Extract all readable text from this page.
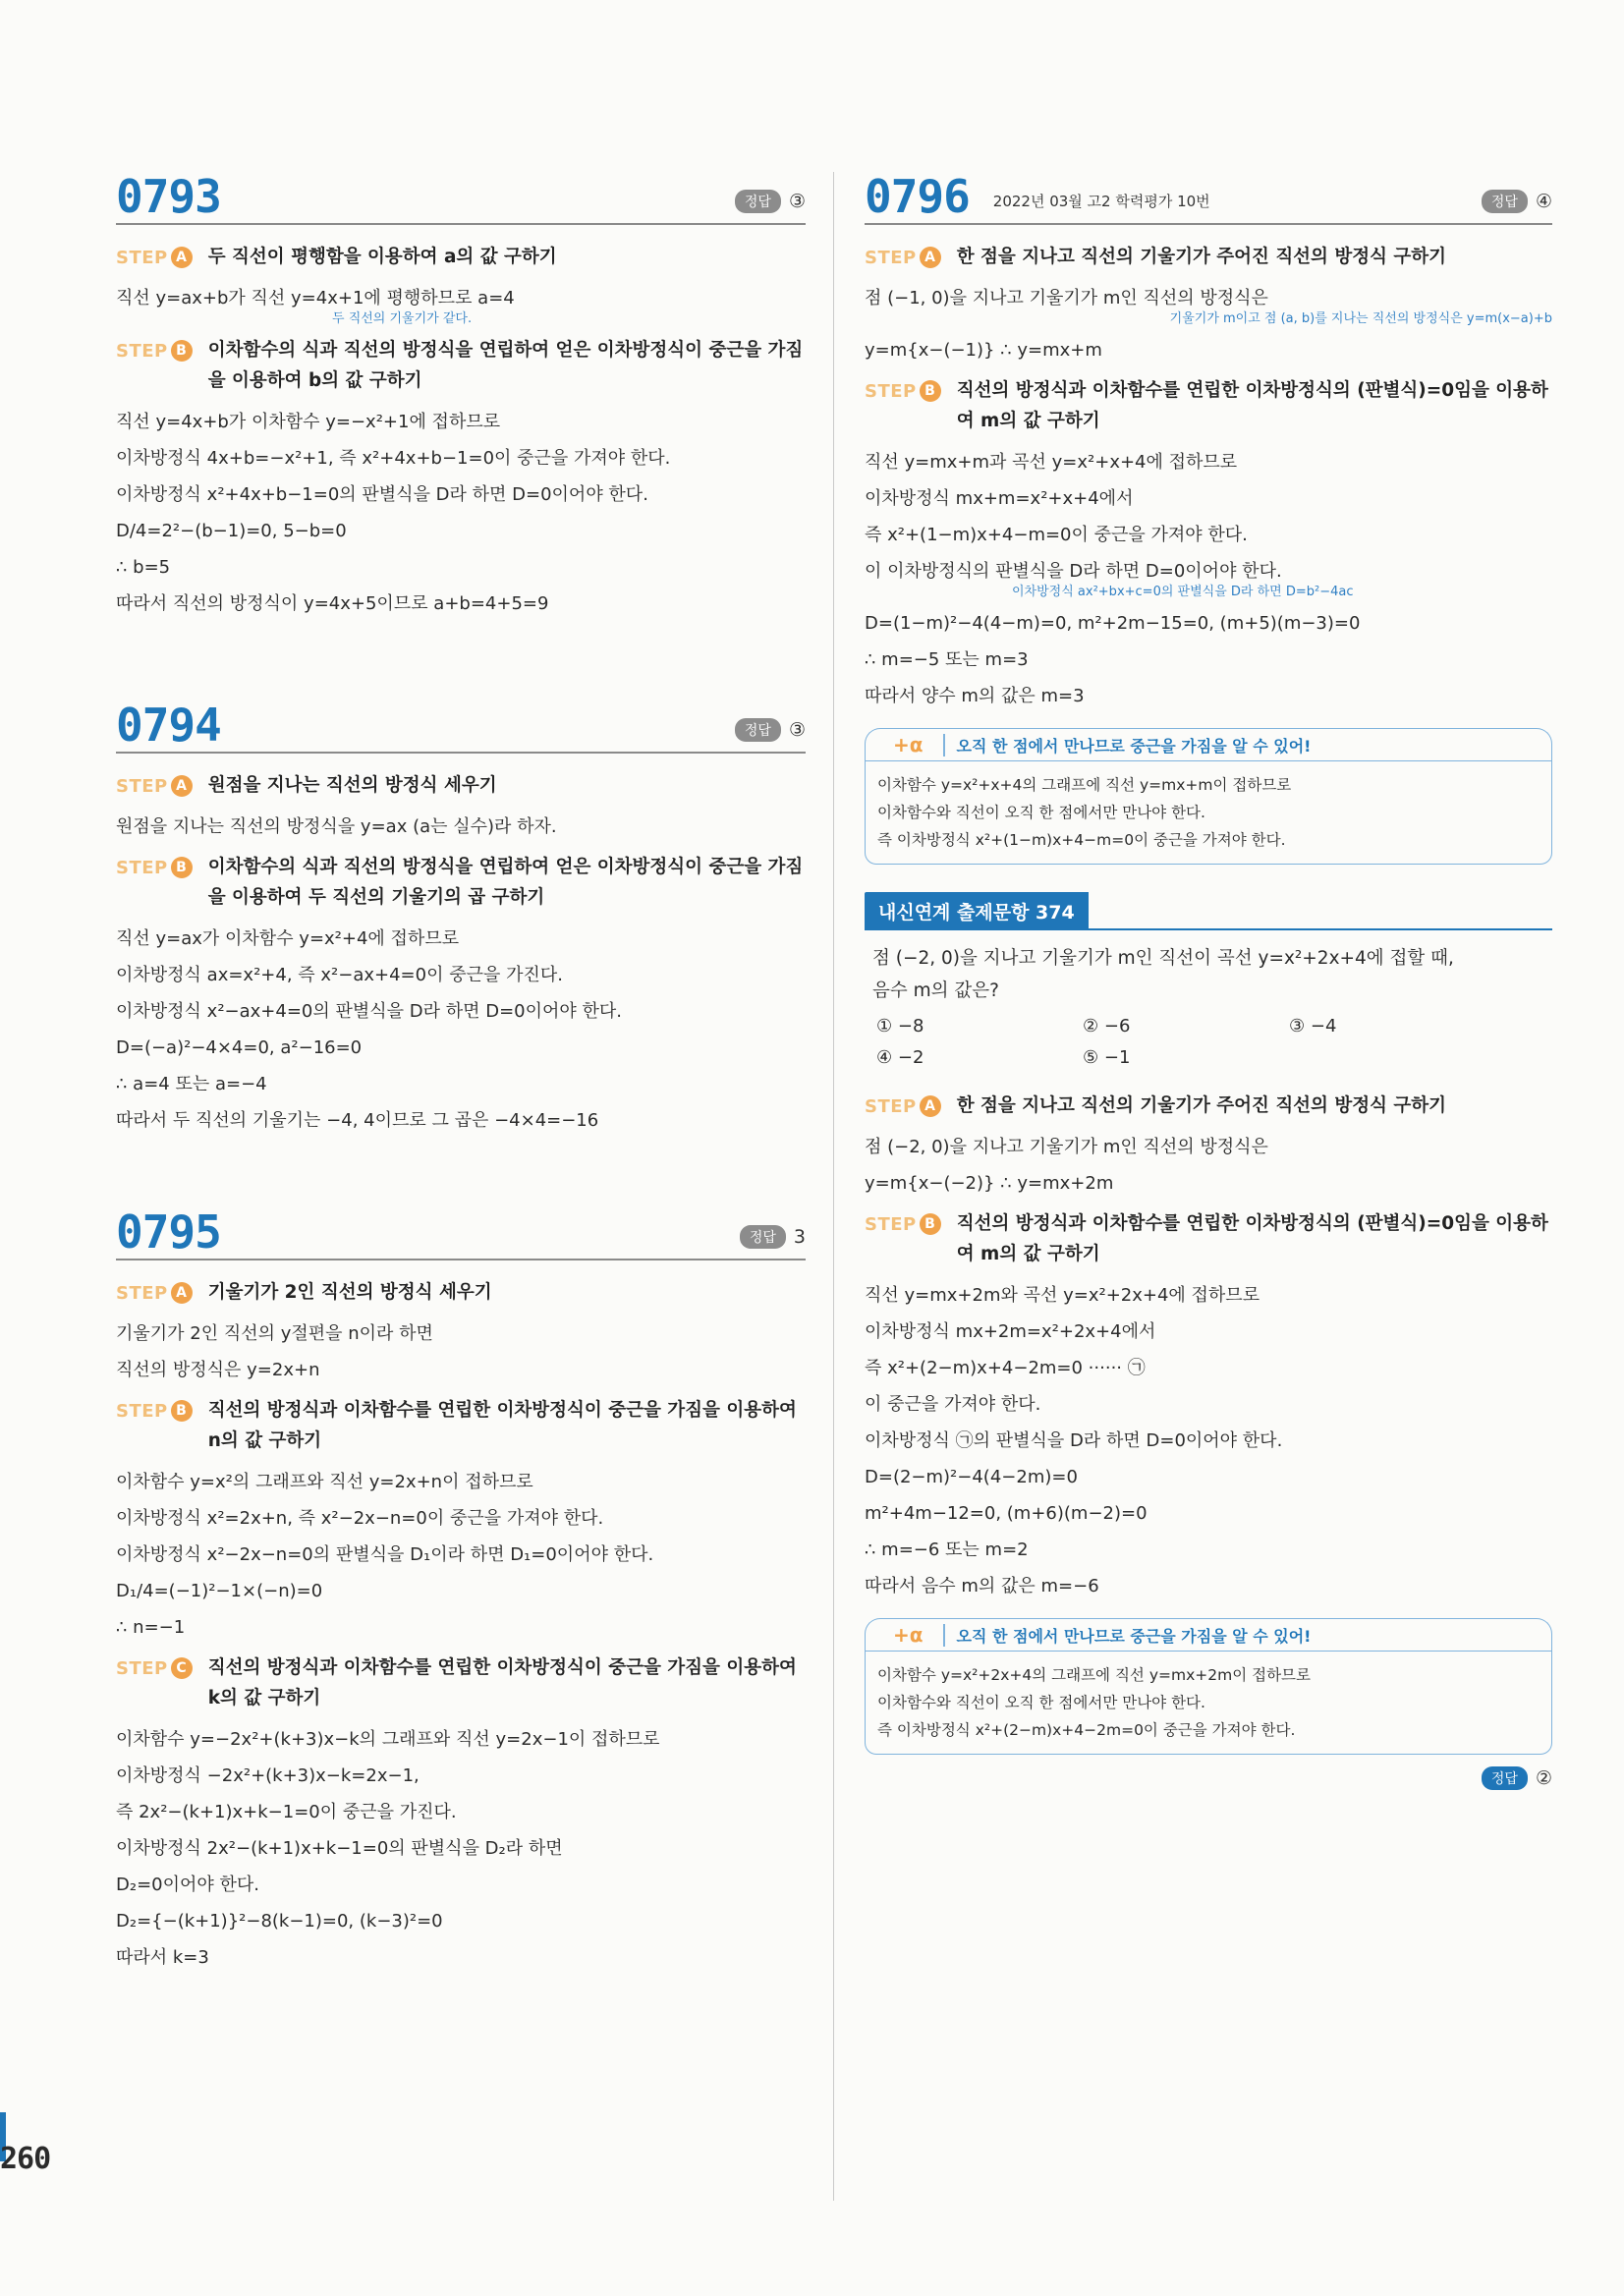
0793	정답 ③
STEP A 두 직선이 평행함을 이용하여 a의 값 구하기
직선 y=ax+b가 직선 y=4x+1에 평행하므로 a=4
두 직선의 기울기가 같다.
STEP B 이차함수의 식과 직선의 방정식을 연립하여 얻은 이차방정식이 중근을 가짐을 이용하여 b의 값 구하기
직선 y=4x+b가 이차함수 y=−x²+1에 접하므로
이차방정식 4x+b=−x²+1, 즉 x²+4x+b−1=0이 중근을 가져야 한다.
이차방정식 x²+4x+b−1=0의 판별식을 D라 하면 D=0이어야 한다.
D/4=2²−(b−1)=0, 5−b=0
∴ b=5
따라서 직선의 방정식이 y=4x+5이므로 a+b=4+5=9
0794	정답 ③
STEP A 원점을 지나는 직선의 방정식 세우기
원점을 지나는 직선의 방정식을 y=ax (a는 실수)라 하자.
STEP B 이차함수의 식과 직선의 방정식을 연립하여 얻은 이차방정식이 중근을 가짐을 이용하여 두 직선의 기울기의 곱 구하기
직선 y=ax가 이차함수 y=x²+4에 접하므로
이차방정식 ax=x²+4, 즉 x²−ax+4=0이 중근을 가진다.
이차방정식 x²−ax+4=0의 판별식을 D라 하면 D=0이어야 한다.
D=(−a)²−4×4=0, a²−16=0
∴ a=4 또는 a=−4
따라서 두 직선의 기울기는 −4, 4이므로 그 곱은 −4×4=−16
0795	정답 3
STEP A 기울기가 2인 직선의 방정식 세우기
기울기가 2인 직선의 y절편을 n이라 하면
직선의 방정식은 y=2x+n
STEP B 직선의 방정식과 이차함수를 연립한 이차방정식이 중근을 가짐을 이용하여 n의 값 구하기
이차함수 y=x²의 그래프와 직선 y=2x+n이 접하므로
이차방정식 x²=2x+n, 즉 x²−2x−n=0이 중근을 가져야 한다.
이차방정식 x²−2x−n=0의 판별식을 D₁이라 하면 D₁=0이어야 한다.
D₁/4=(−1)²−1×(−n)=0
∴ n=−1
STEP C	직선의 방정식과 이차함수를 연립한 이차방정식이 중근을 가짐을 이용하여 k의 값 구하기
이차함수 y=−2x²+(k+3)x−k의 그래프와 직선 y=2x−1이 접하므로
이차방정식 −2x²+(k+3)x−k=2x−1,
즉 2x²−(k+1)x+k−1=0이 중근을 가진다.
이차방정식 2x²−(k+1)x+k−1=0의 판별식을 D₂라 하면
D₂=0이어야 한다.
D₂={−(k+1)}²−8(k−1)=0, (k−3)²=0
따라서 k=3
0796 2022년 03월 고2 학력평가 10번	정답 ④
STEP A 한 점을 지나고 직선의 기울기가 주어진 직선의 방정식 구하기
점 (−1, 0)을 지나고 기울기가 m인 직선의 방정식은
기울기가 m이고 점 (a, b)를 지나는 직선의 방정식은 y=m(x−a)+b
y=m{x−(−1)} ∴ y=mx+m
STEP B 직선의 방정식과 이차함수를 연립한 이차방정식의 (판별식)=0임을 이용하여 m의 값 구하기
직선 y=mx+m과 곡선 y=x²+x+4에 접하므로
이차방정식 mx+m=x²+x+4에서
즉 x²+(1−m)x+4−m=0이 중근을 가져야 한다.
이 이차방정식의 판별식을 D라 하면 D=0이어야 한다.
이차방정식 ax²+bx+c=0의 판별식을 D라 하면 D=b²−4ac
D=(1−m)²−4(4−m)=0, m²+2m−15=0, (m+5)(m−3)=0
∴ m=−5 또는 m=3
따라서 양수 m의 값은 m=3
+α	오직 한 점에서 만나므로 중근을 가짐을 알 수 있어!
이차함수 y=x²+x+4의 그래프에 직선 y=mx+m이 접하므로
이차함수와 직선이 오직 한 점에서만 만나야 한다.
즉 이차방정식 x²+(1−m)x+4−m=0이 중근을 가져야 한다.
내신연계 출제문항 374
점 (−2, 0)을 지나고 기울기가 m인 직선이 곡선 y=x²+2x+4에 접할 때,
음수 m의 값은?
① −8	② −6	③ −4
④ −2	⑤ −1
STEP A 한 점을 지나고 직선의 기울기가 주어진 직선의 방정식 구하기
점 (−2, 0)을 지나고 기울기가 m인 직선의 방정식은
y=m{x−(−2)} ∴ y=mx+2m
STEP B 직선의 방정식과 이차함수를 연립한 이차방정식의 (판별식)=0임을 이용하여 m의 값 구하기
직선 y=mx+2m와 곡선 y=x²+2x+4에 접하므로
이차방정식 mx+2m=x²+2x+4에서
즉 x²+(2−m)x+4−2m=0 ······ ㉠
이 중근을 가져야 한다.
이차방정식 ㉠의 판별식을 D라 하면 D=0이어야 한다.
D=(2−m)²−4(4−2m)=0
m²+4m−12=0, (m+6)(m−2)=0
∴ m=−6 또는 m=2
따라서 음수 m의 값은 m=−6
+α	오직 한 점에서 만나므로 중근을 가짐을 알 수 있어!
이차함수 y=x²+2x+4의 그래프에 직선 y=mx+2m이 접하므로
이차함수와 직선이 오직 한 점에서만 만나야 한다.
즉 이차방정식 x²+(2−m)x+4−2m=0이 중근을 가져야 한다.
정답 ②
260
